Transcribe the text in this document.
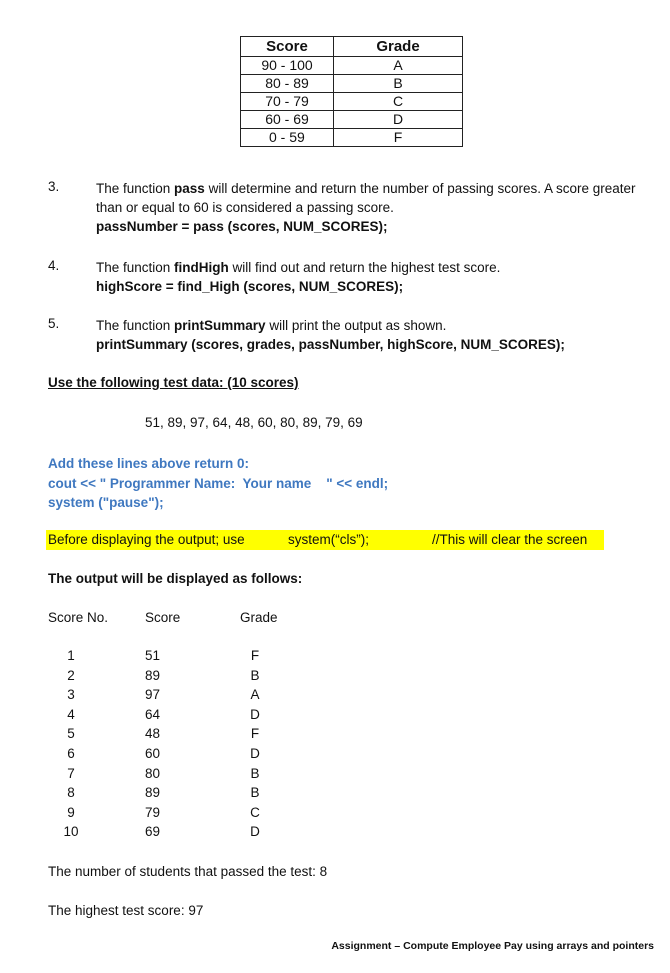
Score	Grade
90 - 100	A
80 - 89	B
70 - 79	C
60 - 69	D
0 - 59	F
3.	The function pass will determine and return the number of passing scores. A score greater than or equal to 60 is considered a passing score.
passNumber = pass (scores, NUM_SCORES);
4.	The function findHigh will find out and return the highest test score.
highScore = find_High (scores, NUM_SCORES);
5.	The function printSummary will print the output as shown.
printSummary (scores, grades, passNumber, highScore, NUM_SCORES);
Use the following test data: (10 scores)
51, 89, 97, 64, 48, 60, 80, 89, 79, 69
Add these lines above return 0:
cout << " Programmer Name:  Your name    " << endl;
system ("pause");
Before displaying the output; use	system(“cls”);	//This will clear the screen
The output will be displayed as follows:
Score No.	Score	Grade
1	51	F
2	89	B
3	97	A
4	64	D
5	48	F
6	60	D
7	80	B
8	89	B
9	79	C
10	69	D
The number of students that passed the test: 8
The highest test score: 97
Assignment – Compute Employee Pay using arrays and pointers
